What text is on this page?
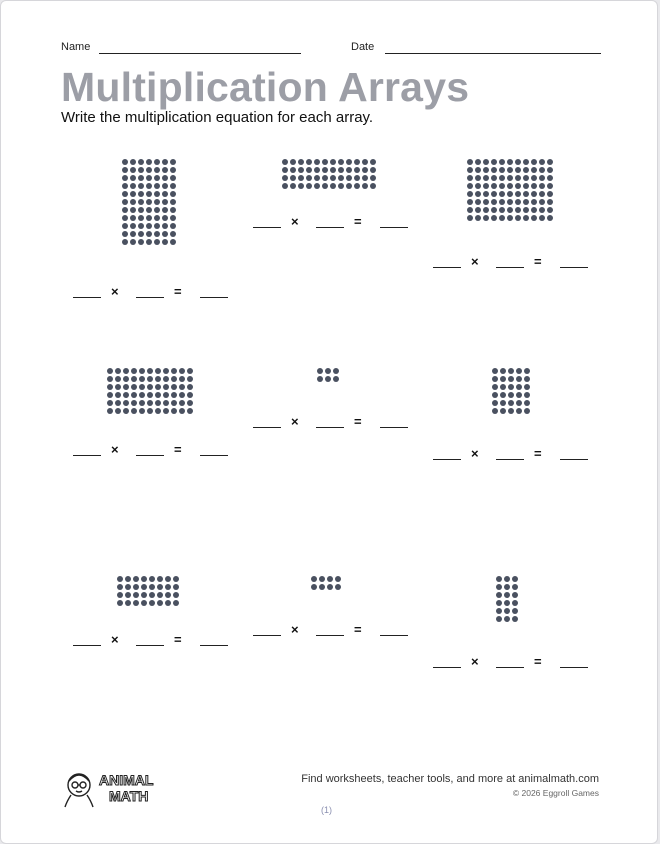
Name	Date
Multiplication Arrays

Write the multiplication equation for each array.

×	=
×	=
×	=
×	=
×	=
×	=
×	=
×	=
×	=
ANIMAL
MATH
Find worksheets, teacher tools, and more at animalmath.com
© 2026 Eggroll Games
(1)
